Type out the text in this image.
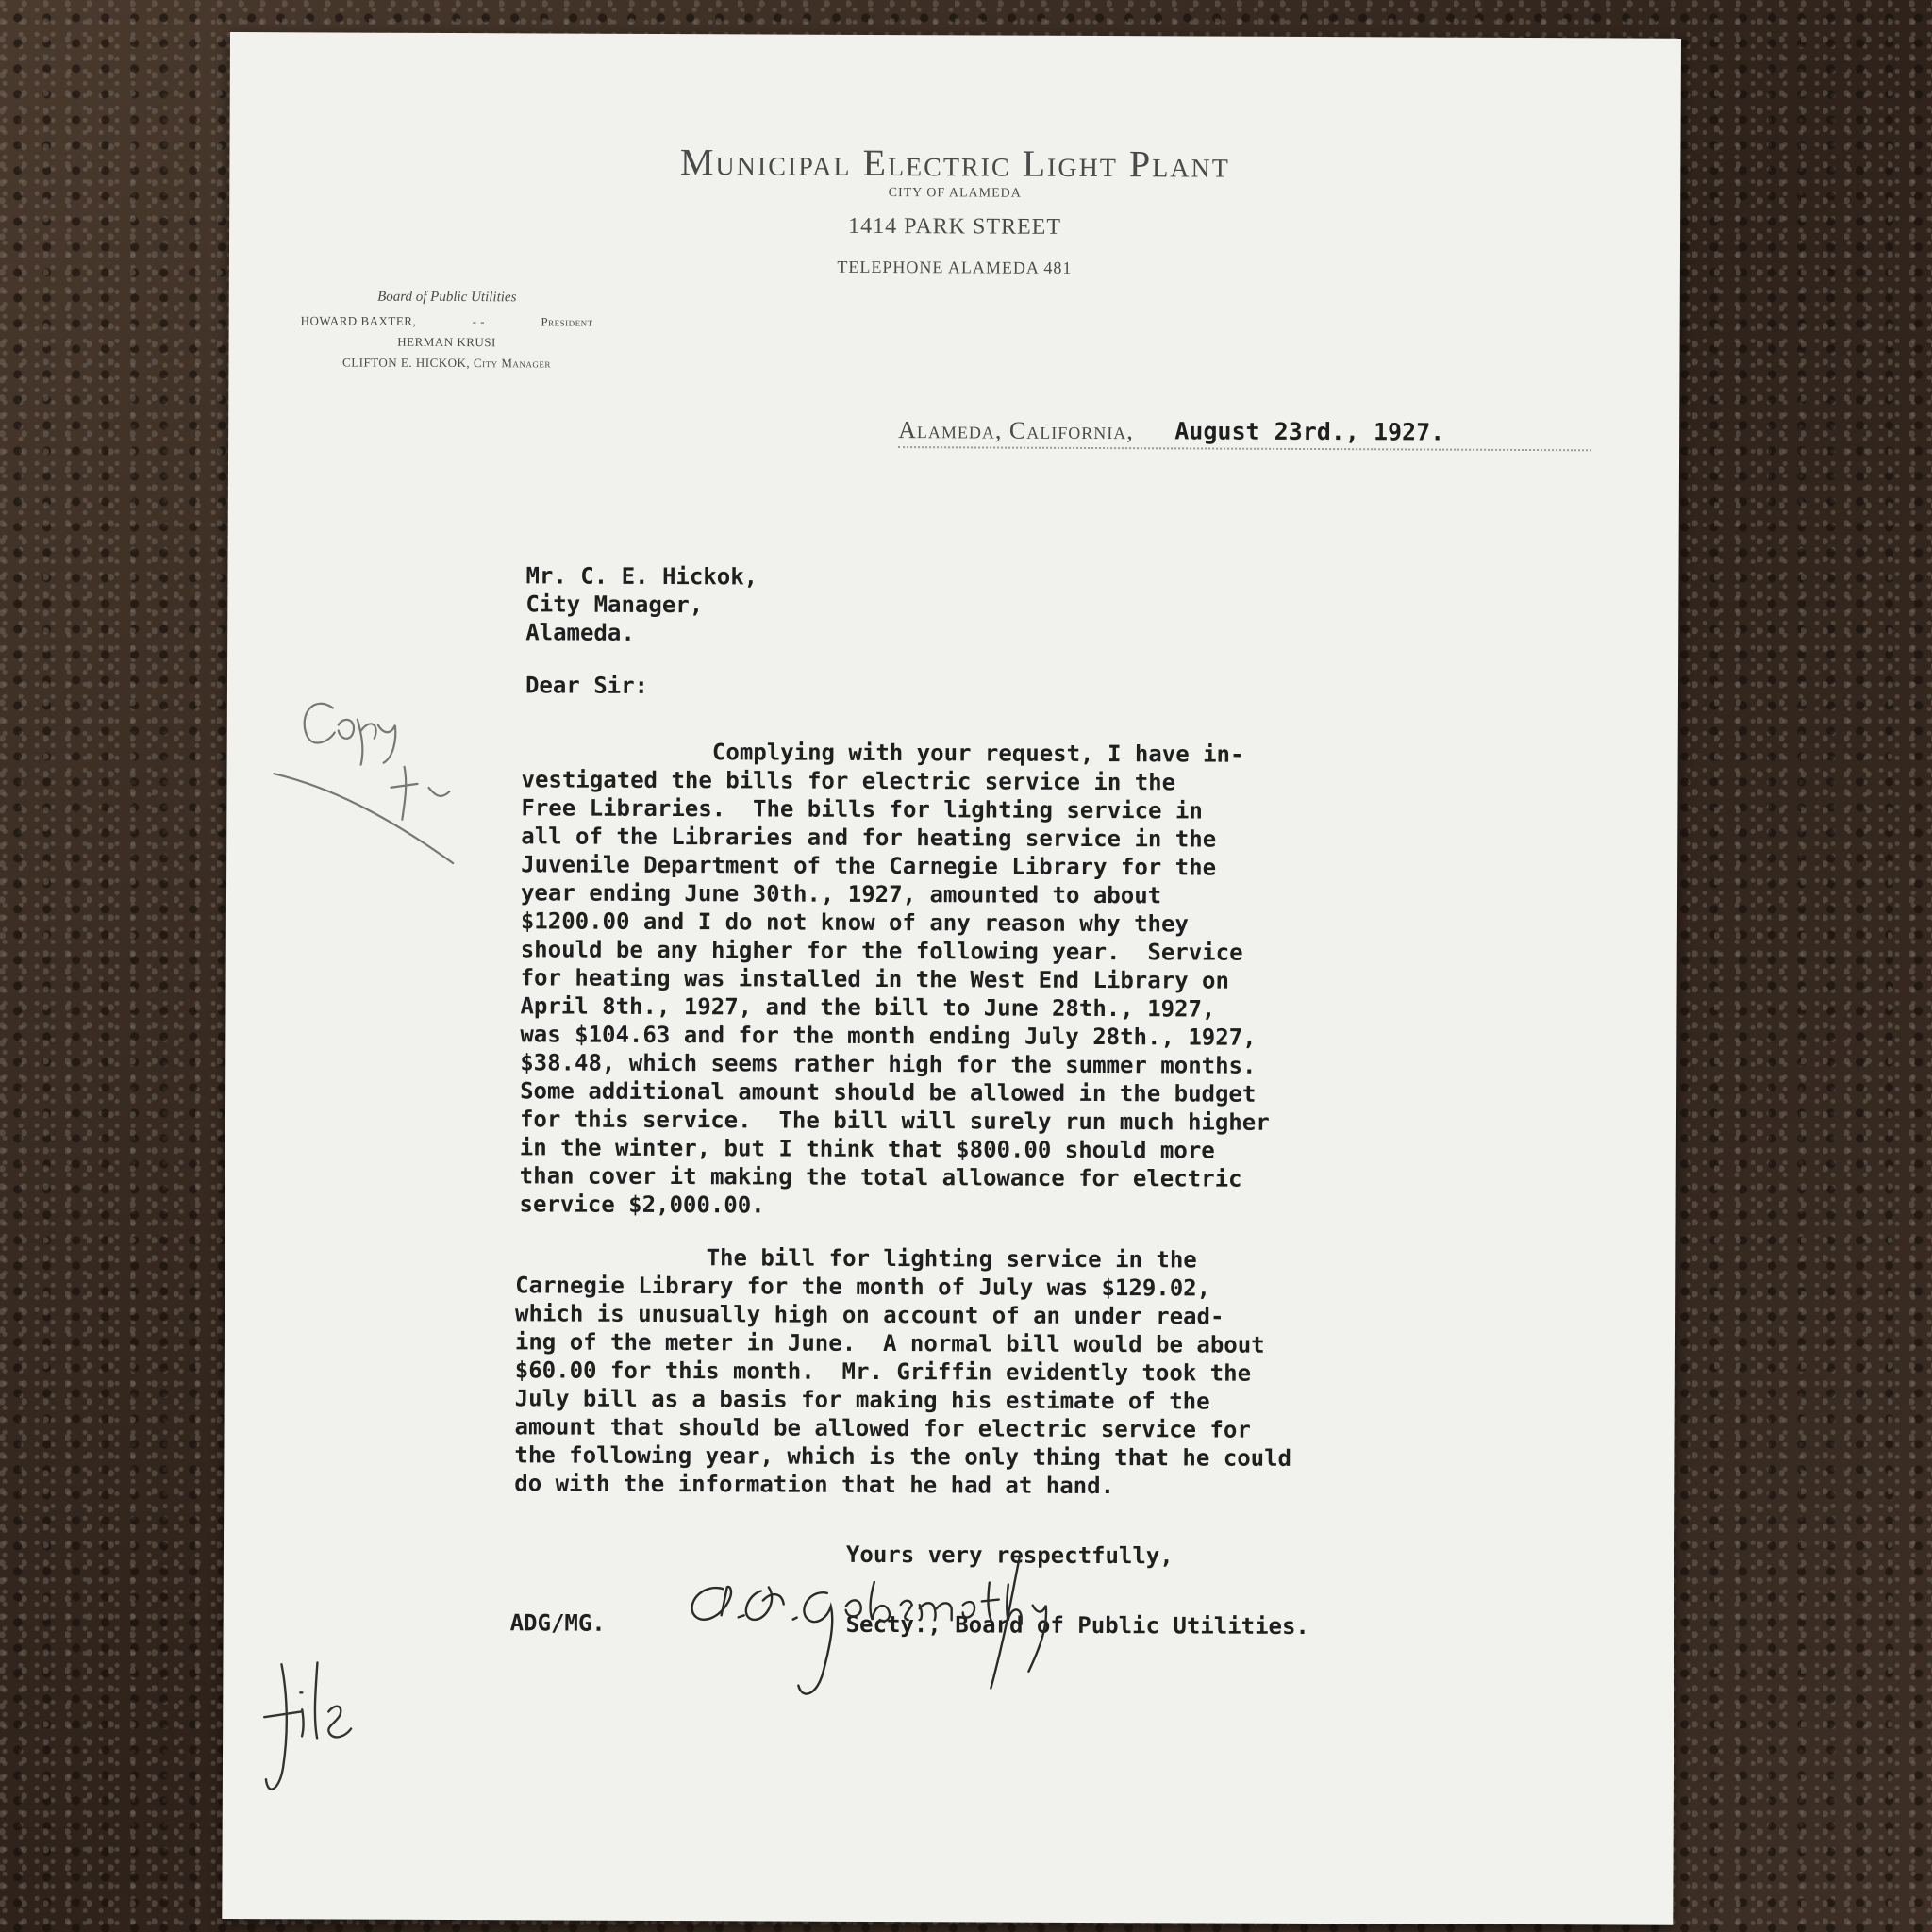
Municipal Electric Light Plant
CITY OF ALAMEDA
1414 PARK STREET
TELEPHONE ALAMEDA 481
Board of Public Utilities
HOWARD BAXTER,	- -	President
HERMAN KRUSI
CLIFTON E. HICKOK, City Manager
Alameda, California, August 23rd., 1927.
Mr. C. E. Hickok,
City Manager,
Alameda.
Dear Sir:
Complying with your request, I have in-
vestigated the bills for electric service in the
Free Libraries.  The bills for lighting service in
all of the Libraries and for heating service in the
Juvenile Department of the Carnegie Library for the
year ending June 30th., 1927, amounted to about
$1200.00 and I do not know of any reason why they
should be any higher for the following year.  Service
for heating was installed in the West End Library on
April 8th., 1927, and the bill to June 28th., 1927,
was $104.63 and for the month ending July 28th., 1927,
$38.48, which seems rather high for the summer months.
Some additional amount should be allowed in the budget
for this service.  The bill will surely run much higher
in the winter, but I think that $800.00 should more
than cover it making the total allowance for electric
service $2,000.00.
The bill for lighting service in the
Carnegie Library for the month of July was $129.02,
which is unusually high on account of an under read-
ing of the meter in June.  A normal bill would be about
$60.00 for this month.  Mr. Griffin evidently took the
July bill as a basis for making his estimate of the
amount that should be allowed for electric service for
the following year, which is the only thing that he could
do with the information that he had at hand.
Yours very respectfully,
Secty., Board of Public Utilities.
ADG/MG.
